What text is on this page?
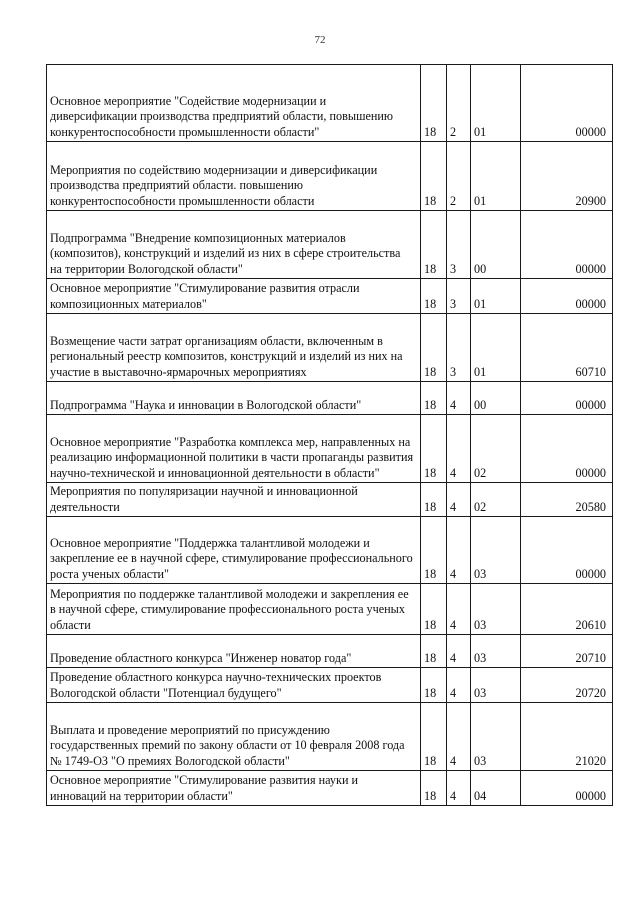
72
Основное мероприятие "Содействие модернизации и диверсификации производства предприятий области, повышению конкурентоспособности промышленности области"	18	2	01	00000
Мероприятия по содействию модернизации и диверсификации производства предприятий области. повышению конкурентоспособности промышленности области	18	2	01	20900
Подпрограмма "Внедрение композиционных материалов (композитов), конструкций и изделий из них в сфере строительства на территории Вологодской области"	18	3	00	00000
Основное мероприятие "Стимулирование развития отрасли композиционных материалов"	18	3	01	00000
Возмещение части затрат организациям области, включенным в региональный реестр композитов, конструкций и изделий из них на участие в выставочно-ярмарочных мероприятиях	18	3	01	60710
Подпрограмма "Наука и инновации в Вологодской области"	18	4	00	00000
Основное мероприятие "Разработка комплекса мер, направленных на реализацию информационной политики в части пропаганды развития научно-технической и инновационной деятельности в области"	18	4	02	00000
Мероприятия по популяризации научной и инновационной деятельности	18	4	02	20580
Основное мероприятие "Поддержка талантливой молодежи и закрепление ее в научной сфере, стимулирование профессионального роста ученых области"	18	4	03	00000
Мероприятия по поддержке талантливой молодежи и закрепления ее в научной сфере, стимулирование профессионального роста ученых области	18	4	03	20610
Проведение областного конкурса "Инженер новатор года"	18	4	03	20710
Проведение областного конкурса научно-технических проектов Вологодской области "Потенциал будущего"	18	4	03	20720
Выплата и проведение мероприятий по присуждению государственных премий по закону области от 10 февраля 2008 года № 1749-ОЗ "О премиях Вологодской области"	18	4	03	21020
Основное мероприятие "Стимулирование развития науки и инноваций на территории области"	18	4	04	00000
